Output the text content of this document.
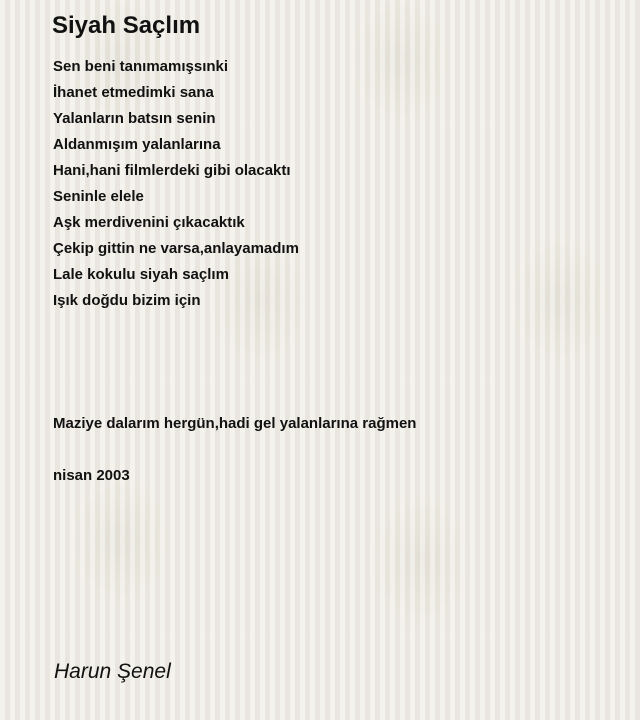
Siyah Saçlım
Sen beni tanımamışsınki
İhanet etmedimki sana
Yalanların batsın senin
Aldanmışım yalanlarına
Hani,hani filmlerdeki gibi olacaktı
Seninle elele
Aşk merdivenini çıkacaktık
Çekip gittin ne varsa,anlayamadım
Lale kokulu siyah saçlım
Işık doğdu bizim için
Maziye dalarım hergün,hadi gel yalanlarına rağmen
nisan 2003
Harun Şenel
